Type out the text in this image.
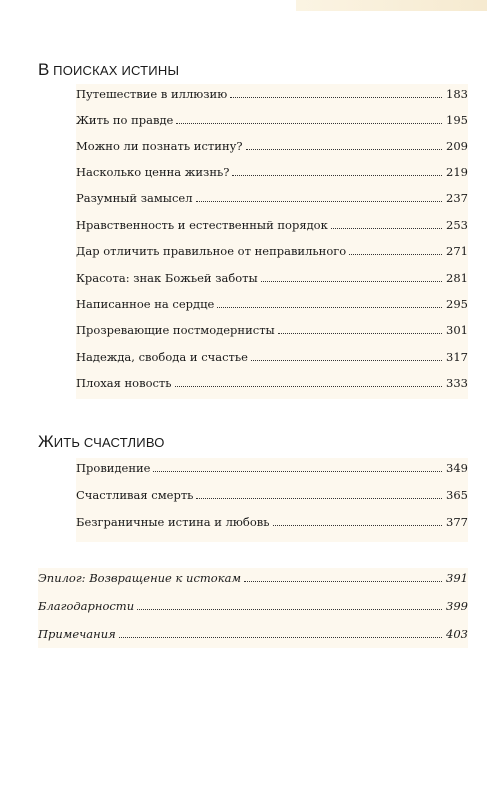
В ПОИСКАХ ИСТИНЫ
Путешествие в иллюзию	183
Жить по правде	195
Можно ли познать истину?	209
Насколько ценна жизнь?	219
Разумный замысел	237
Нравственность и естественный порядок	253
Дар отличить правильное от неправильного	271
Красота: знак Божьей заботы	281
Написанное на сердце	295
Прозревающие постмодернисты	301
Надежда, свобода и счастье	317
Плохая новость	333
ЖИТЬ СЧАСТЛИВО
Провидение	349
Счастливая смерть	365
Безграничные истина и любовь	377
Эпилог: Возвращение к истокам	391
Благодарности	399
Примечания	403
